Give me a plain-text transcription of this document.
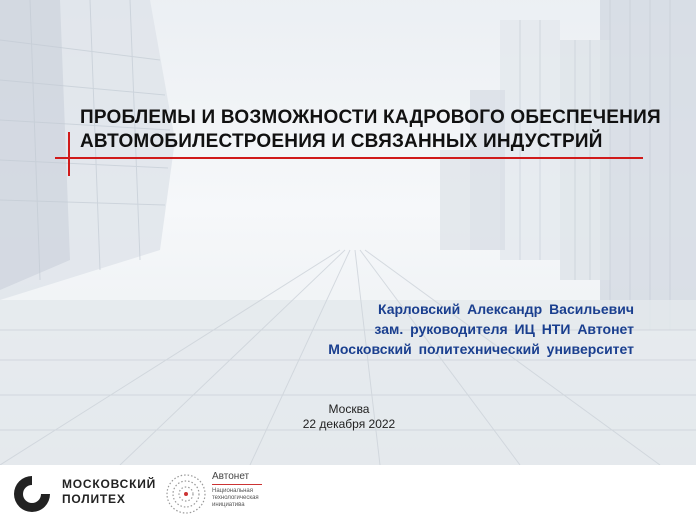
ПРОБЛЕМЫ И ВОЗМОЖНОСТИ КАДРОВОГО ОБЕСПЕЧЕНИЯ
АВТОМОБИЛЕСТРОЕНИЯ И СВЯЗАННЫХ ИНДУСТРИЙ
Карловский Александр Васильевич
зам. руководителя ИЦ НТИ Автонет
Московский политехнический университет
Москва
22 декабря 2022
МОСКОВСКИЙ
ПОЛИТЕХ
Автонет
Национальная
технологическая
инициатива
